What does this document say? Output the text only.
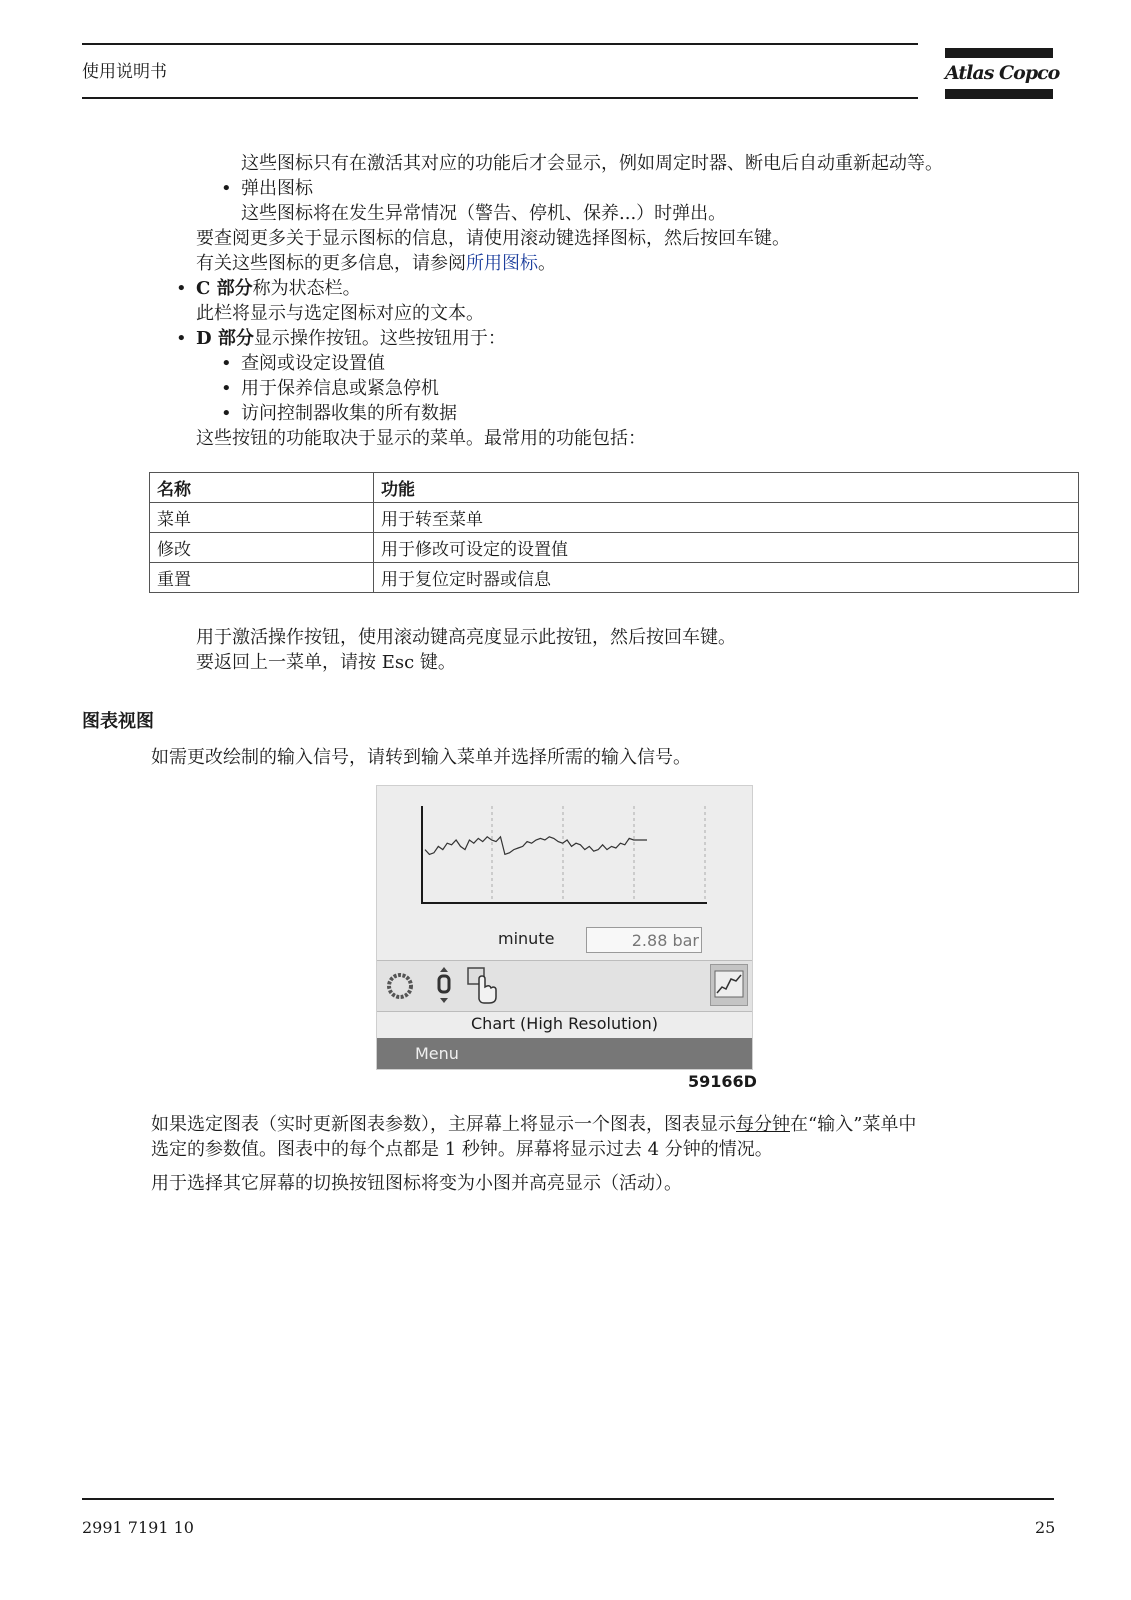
使用说明书	Atlas Copco
这些图标只有在激活其对应的功能后才会显示，例如周定时器、断电后自动重新起动等。
• 弹出图标
这些图标将在发生异常情况（警告、停机、保养...）时弹出。
要查阅更多关于显示图标的信息，请使用滚动键选择图标，然后按回车键。
有关这些图标的更多信息，请参阅所用图标。
• C 部分称为状态栏。
此栏将显示与选定图标对应的文本。
• D 部分显示操作按钮。这些按钮用于：
• 查阅或设定设置值
• 用于保养信息或紧急停机
• 访问控制器收集的所有数据
这些按钮的功能取决于显示的菜单。最常用的功能包括：
名称	功能
菜单	用于转至菜单
修改	用于修改可设定的设置值
重置	用于复位定时器或信息
用于激活操作按钮，使用滚动键高亮度显示此按钮，然后按回车键。
要返回上一菜单，请按 Esc 键。
图表视图
如需更改绘制的输入信号，请转到输入菜单并选择所需的输入信号。
minute	2.88 bar
Chart (High Resolution)
Menu
59166D
如果选定图表（实时更新图表参数），主屏幕上将显示一个图表，图表显示每分钟在“输入”菜单中
选定的参数值。图表中的每个点都是 1 秒钟。屏幕将显示过去 4 分钟的情况。
用于选择其它屏幕的切换按钮图标将变为小图并高亮显示（活动）。
2991 7191 10	25
